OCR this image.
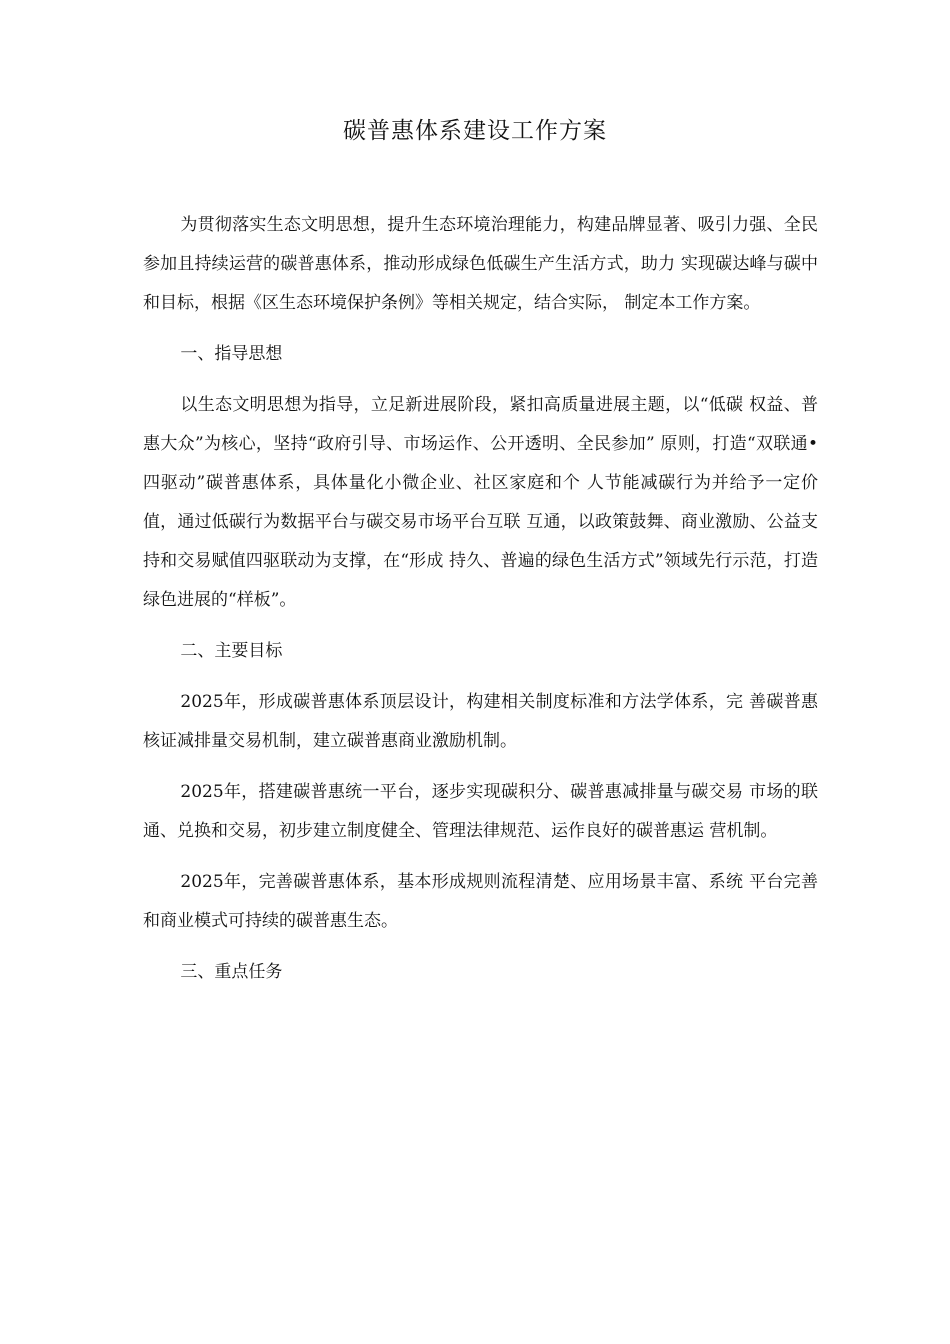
碳普惠体系建设工作方案

为贯彻落实生态文明思想，提升生态环境治理能力，构建品牌显著、吸引力强、全民参加且持续运营的碳普惠体系，推动形成绿色低碳生产生活方式，助力 实现碳达峰与碳中和目标，根据《区生态环境保护条例》等相关规定，结合实际， 制定本工作方案。

一、指导思想

以生态文明思想为指导，立足新进展阶段，紧扣高质量进展主题，以“低碳 权益、普惠大众”为核心，坚持“政府引导、市场运作、公开透明、全民参加” 原则，打造“双联通•四驱动”碳普惠体系，具体量化小微企业、社区家庭和个 人节能减碳行为并给予一定价值，通过低碳行为数据平台与碳交易市场平台互联 互通，以政策鼓舞、商业激励、公益支持和交易赋值四驱联动为支撑，在“形成 持久、普遍的绿色生活方式”领域先行示范，打造绿色进展的“样板”。

二、主要目标

2025年，形成碳普惠体系顶层设计，构建相关制度标准和方法学体系，完 善碳普惠核证减排量交易机制，建立碳普惠商业激励机制。

2025年，搭建碳普惠统一平台，逐步实现碳积分、碳普惠减排量与碳交易 市场的联通、兑换和交易，初步建立制度健全、管理法律规范、运作良好的碳普惠运 营机制。

2025年，完善碳普惠体系，基本形成规则流程清楚、应用场景丰富、系统 平台完善和商业模式可持续的碳普惠生态。

三、重点任务
